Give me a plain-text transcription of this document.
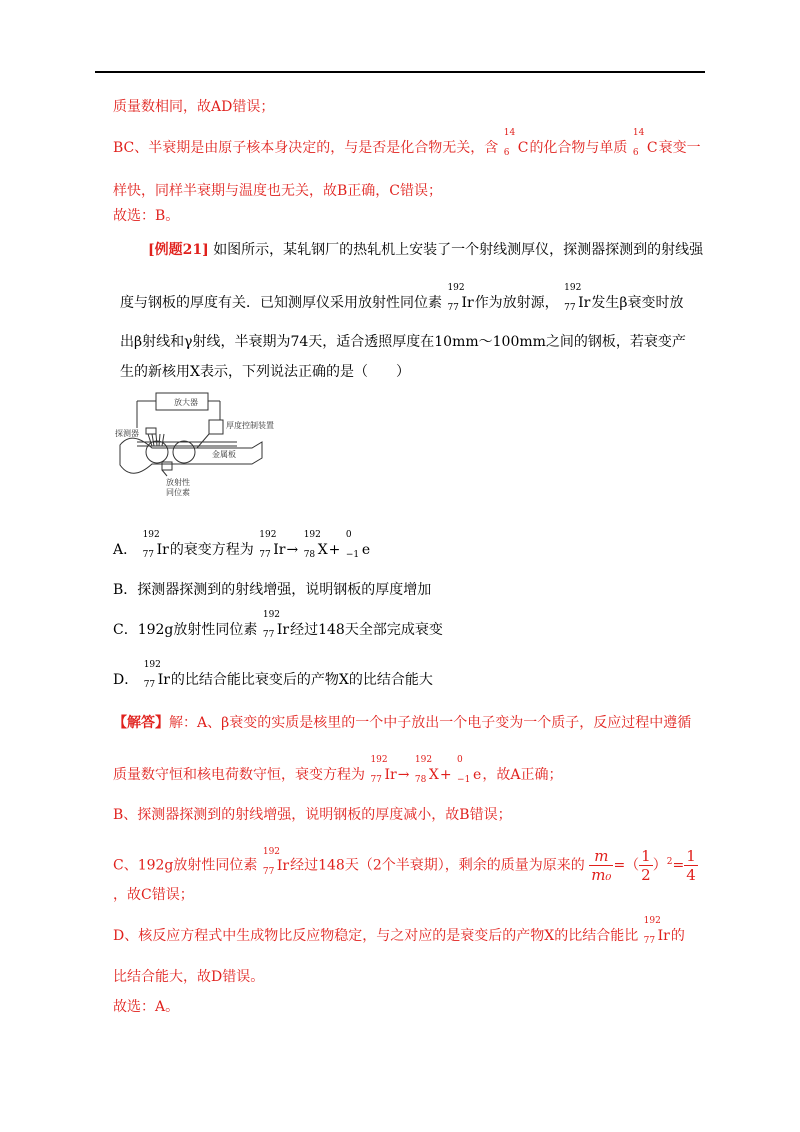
质量数相同，故AD错误；
BC、半衰期是由原子核本身决定的，与是否是化合物无关，含
14
6 C的化合物与单质
14
6 C衰变一
样快，同样半衰期与温度也无关，故B正确，C错误；
故选：B。
[例题21] 如图所示，某轧钢厂的热轧机上安装了一个射线测厚仪，探测器探测到的射线强
度与钢板的厚度有关．已知测厚仪采用放射性同位素
192
77 Ir作为放射源，
192
77 Ir发生β衰变时放
出β射线和γ射线，半衰期为74天，适合透照厚度在10mm～100mm之间的钢板，若衰变产
生的新核用X表示，下列说法正确的是（　　）
放大器
厚度控制装置
探测器
金属板
放射性
同位素
A．
192
77 Ir的衰变方程为
192
77 Ir→
192
78 X+
0
−1 e
B．探测器探测到的射线增强，说明钢板的厚度增加
C．192g放射性同位素
192
77 Ir经过148天全部完成衰变
D．
192
77 Ir的比结合能比衰变后的产物X的比结合能大
【解答】解：A、β衰变的实质是核里的一个中子放出一个电子变为一个质子，反应过程中遵循
质量数守恒和核电荷数守恒，衰变方程为
192
77 Ir→
192
78 X+
0
−1 e，故A正确；
B、探测器探测到的射线增强，说明钢板的厚度减小，故B错误；
C、192g放射性同位素
192
77 Ir经过148天（2个半衰期），剩余的质量为原来的 $\frac{m}{\text{m₀}}$ =（ $\frac{1}{2} )^2= \frac{1}{4}$
，故C错误；
D、核反应方程式中生成物比反应物稳定，与之对应的是衰变后的产物X的比结合能比
192
77 Ir的
比结合能大，故D错误。
故选：A。
